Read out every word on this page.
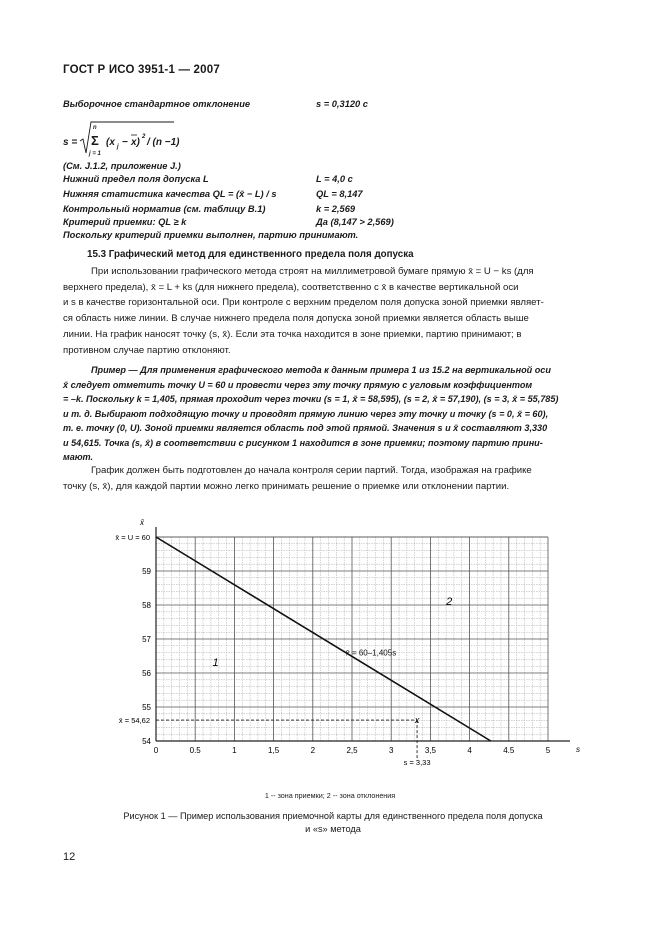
ГОСТ Р ИСО 3951-1 — 2007
Выборочное стандартное отклонение	s = 0,3120 с
s =
n
Σ
j = 1
(x j − x) 2 / (n −1)
(См. J.1.2, приложение J.)
Нижний предел поля допуска L	L = 4,0 с
Нижняя статистика качества QL = (x̄ − L) / s	QL = 8,147
Контрольный норматив (см. таблицу В.1)	k = 2,569
Критерий приемки: QL ≥ k	Да (8,147 > 2,569)
Поскольку критерий приемки выполнен, партию принимают.
15.3 Графический метод для единственного предела поля допуска
При использовании графического метода строят на миллиметровой бумаге прямую x̄ = U − ks (для
верхнего предела), x̄ = L + ks (для нижнего предела), соответственно с x̄ в качестве вертикальной оси
и s в качестве горизонтальной оси. При контроле с верхним пределом поля допуска зоной приемки являет-
ся область ниже линии. В случае нижнего предела поля допуска зоной приемки является область выше
линии. На график наносят точку (s, x̄). Если эта точка находится в зоне приемки, партию принимают; в
противном случае партию отклоняют.
Пример — Для применения графического метода к данным примера 1 из 15.2 на вертикальной оси
x̄ следует отметить точку U = 60 и провести через эту точку прямую с угловым коэффициентом
= –k. Поскольку k = 1,405, прямая проходит через точки (s = 1, x̄ = 58,595), (s = 2, x̄ = 57,190), (s = 3, x̄ = 55,785)
и т. д. Выбирают подходящую точку и проводят прямую линию через эту точку и точку (s = 0, x̄ = 60),
т. е. точку (0, U). Зоной приемки является область под этой прямой. Значения s и x̄ составляют 3,330
и 54,615. Точка (s, x̄) в соответствии с рисунком 1 находится в зоне приемки; поэтому партию прини-
мают.
График должен быть подготовлен до начала контроля серии партий. Тогда, изображая на графике
точку (s, x̄), для каждой партии можно легко принимать решение о приемке или отклонении партии.
x̄
s
0	0.5	1	1,5	2	2,5	3	3,5	4	4.5	5
54
55
56
57
58
59
x̄ = U = 60
x̄ = 60–1,405s
x
x̄ = 54,62
s = 3,33
1
2
1 -- зона приемки; 2 -- зона отклонения
Рисунок 1 — Пример использования приемочной карты для единственного предела поля допуска
и «s» метода
12
